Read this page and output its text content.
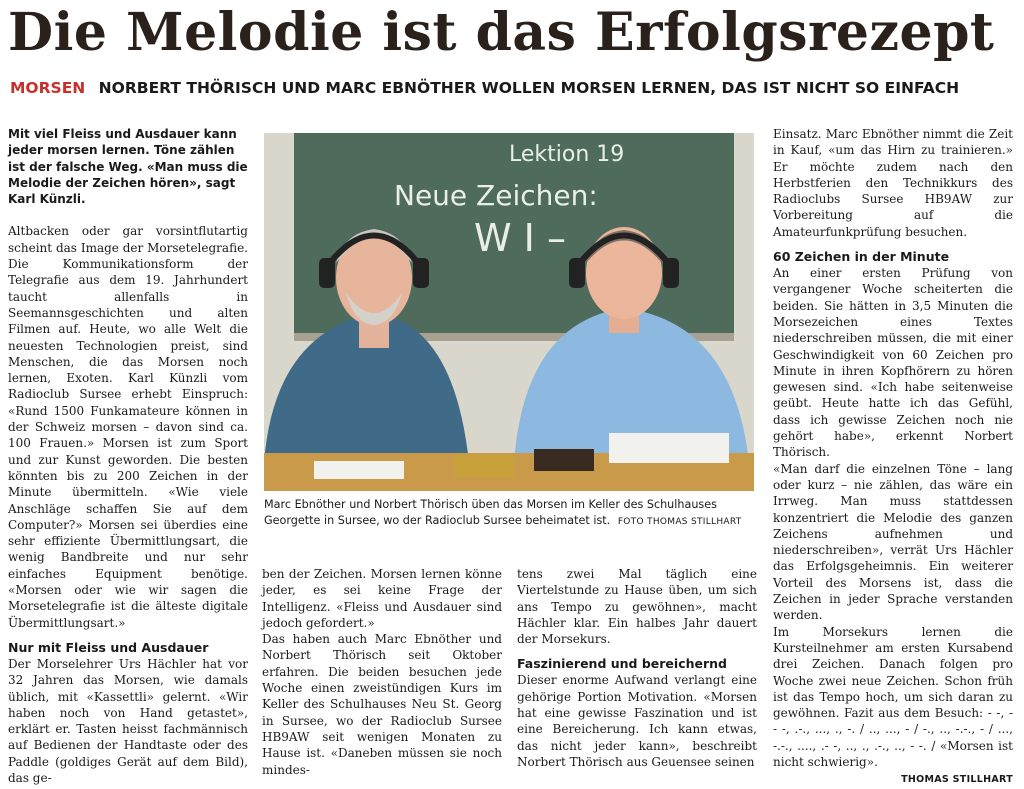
Die Melodie ist das Erfolgsrezept
MORSEN NORBERT THÖRISCH UND MARC EBNÖTHER WOLLEN MORSEN LERNEN, DAS IST NICHT SO EINFACH

Mit viel Fleiss und Ausdauer kann jeder morsen lernen. Töne zählen ist der falsche Weg. «Man muss die Melodie der Zeichen hören», sagt Karl Künzli.

Altbacken oder gar vorsintflutartig scheint das Image der Morsetelegrafie. Die Kommunikationsform der Telegrafie aus dem 19. Jahrhundert taucht allenfalls in Seemannsgeschichten und alten Filmen auf. Heute, wo alle Welt die neuesten Technologien preist, sind Menschen, die das Morsen noch lernen, Exoten. Karl Künzli vom Radioclub Sursee erhebt Einspruch: «Rund 1500 Funkamateure können in der Schweiz morsen – davon sind ca. 100 Frauen.» Morsen ist zum Sport und zur Kunst geworden. Die besten könnten bis zu 200 Zeichen in der Minute übermitteln. «Wie viele Anschläge schaffen Sie auf dem Computer?» Morsen sei überdies eine sehr effiziente Übermittlungsart, die wenig Bandbreite und nur sehr einfaches Equipment benötige. «Morsen oder wie wir sagen die Morsetelegrafie ist die älteste digitale Übermittlungsart.»

Nur mit Fleiss und Ausdauer

Der Morselehrer Urs Hächler hat vor 32 Jahren das Morsen, wie damals üblich, mit «Kassettli» gelernt. «Wir haben noch von Hand getastet», erklärt er. Tasten heisst fachmännisch auf Bedienen der Handtaste oder des Paddle (goldiges Gerät auf dem Bild), das ge-

Lektion 19
Neue Zeichen:
W I –
Marc Ebnöther und Norbert Thörisch üben das Morsen im Keller des Schulhauses Georgette in Sursee, wo der Radioclub Sursee beheimatet ist. FOTO THOMAS STILLHART

ben der Zeichen. Morsen lernen könne jeder, es sei keine Frage der Intelligenz. «Fleiss und Ausdauer sind jedoch gefordert.»

Das haben auch Marc Ebnöther und Norbert Thörisch seit Oktober erfahren. Die beiden besuchen jede Woche einen zweistündigen Kurs im Keller des Schulhauses Neu St. Georg in Sursee, wo der Radioclub Sursee HB9AW seit wenigen Monaten zu Hause ist. «Daneben müssen sie noch mindes-

tens zwei Mal täglich eine Viertelstunde zu Hause üben, um sich ans Tempo zu gewöhnen», macht Hächler klar. Ein halbes Jahr dauert der Morsekurs.

Faszinierend und bereichernd

Dieser enorme Aufwand verlangt eine gehörige Portion Motivation. «Morsen hat eine gewisse Faszination und ist eine Bereicherung. Ich kann etwas, das nicht jeder kann», beschreibt Norbert Thörisch aus Geuensee seinen

Einsatz. Marc Ebnöther nimmt die Zeit in Kauf, «um das Hirn zu trainieren.» Er möchte zudem nach den Herbstferien den Technikkurs des Radioclubs Sursee HB9AW zur Vorbereitung auf die Amateurfunkprüfung besuchen.

60 Zeichen in der Minute

An einer ersten Prüfung von vergangener Woche scheiterten die beiden. Sie hätten in 3,5 Minuten die Morsezeichen eines Textes niederschreiben müssen, die mit einer Geschwindigkeit von 60 Zeichen pro Minute in ihren Kopfhörern zu hören gewesen sind. «Ich habe seitenweise geübt. Heute hatte ich das Gefühl, dass ich gewisse Zeichen noch nie gehört habe», erkennt Norbert Thörisch.

«Man darf die einzelnen Töne – lang oder kurz – nie zählen, das wäre ein Irrweg. Man muss stattdessen konzentriert die Melodie des ganzen Zeichens aufnehmen und niederschreiben», verrät Urs Hächler das Erfolgsgeheimnis. Ein weiterer Vorteil des Morsens ist, dass die Zeichen in jeder Sprache verstanden werden.

Im Morsekurs lernen die Kursteilnehmer am ersten Kursabend drei Zeichen. Danach folgen pro Woche zwei neue Zeichen. Schon früh ist das Tempo hoch, um sich daran zu gewöhnen. Fazit aus dem Besuch: - -, - - -, .-., ..., ., -. / .., ..., - / -., .., -.-., - / ..., -.-., ...., .- -, .., ., .-., .., - -. / «Morsen ist nicht schwierig».

THOMAS STILLHART
